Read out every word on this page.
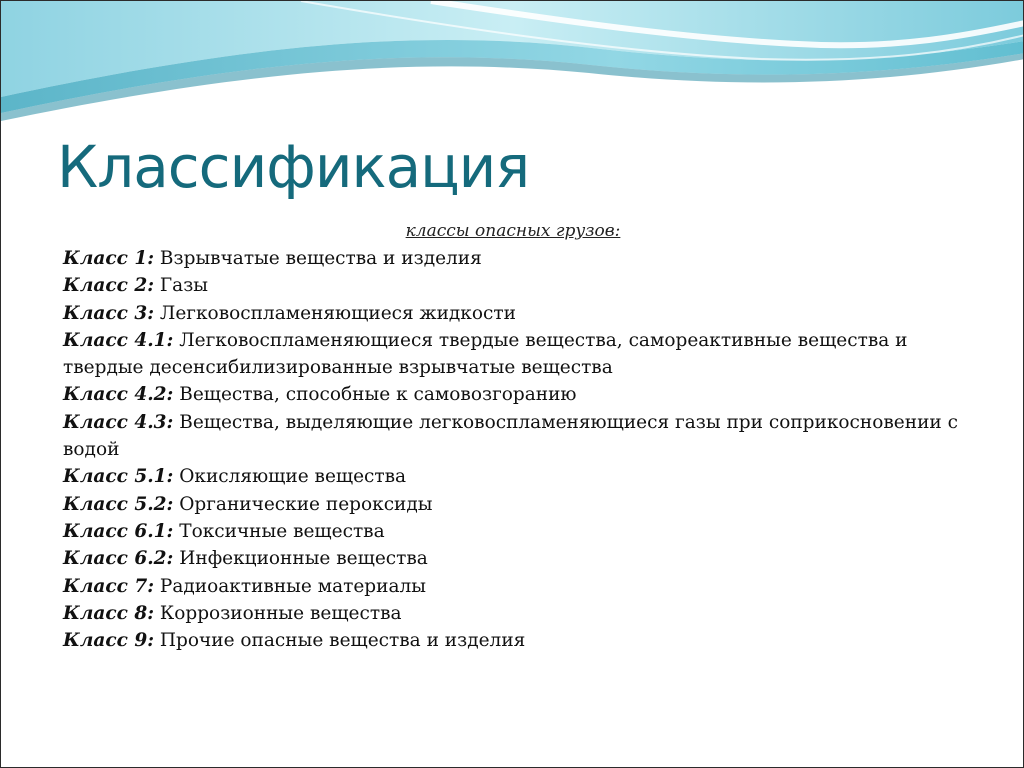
Классификация
классы опасных грузов:
Класс 1: Взрывчатые вещества и изделия
Класс 2: Газы
Класс 3: Легковоспламеняющиеся жидкости
Класс 4.1: Легковоспламеняющиеся твердые вещества, самореактивные вещества и твердые десенсибилизированные взрывчатые вещества
Класс 4.2: Вещества, способные к самовозгоранию
Класс 4.3: Вещества, выделяющие легковоспламеняющиеся газы при соприкосновении с водой
Класс 5.1: Окисляющие вещества
Класс 5.2: Органические пероксиды
Класс 6.1: Токсичные вещества
Класс 6.2: Инфекционные вещества
Класс 7: Радиоактивные материалы
Класс 8: Коррозионные вещества
Класс 9: Прочие опасные вещества и изделия
